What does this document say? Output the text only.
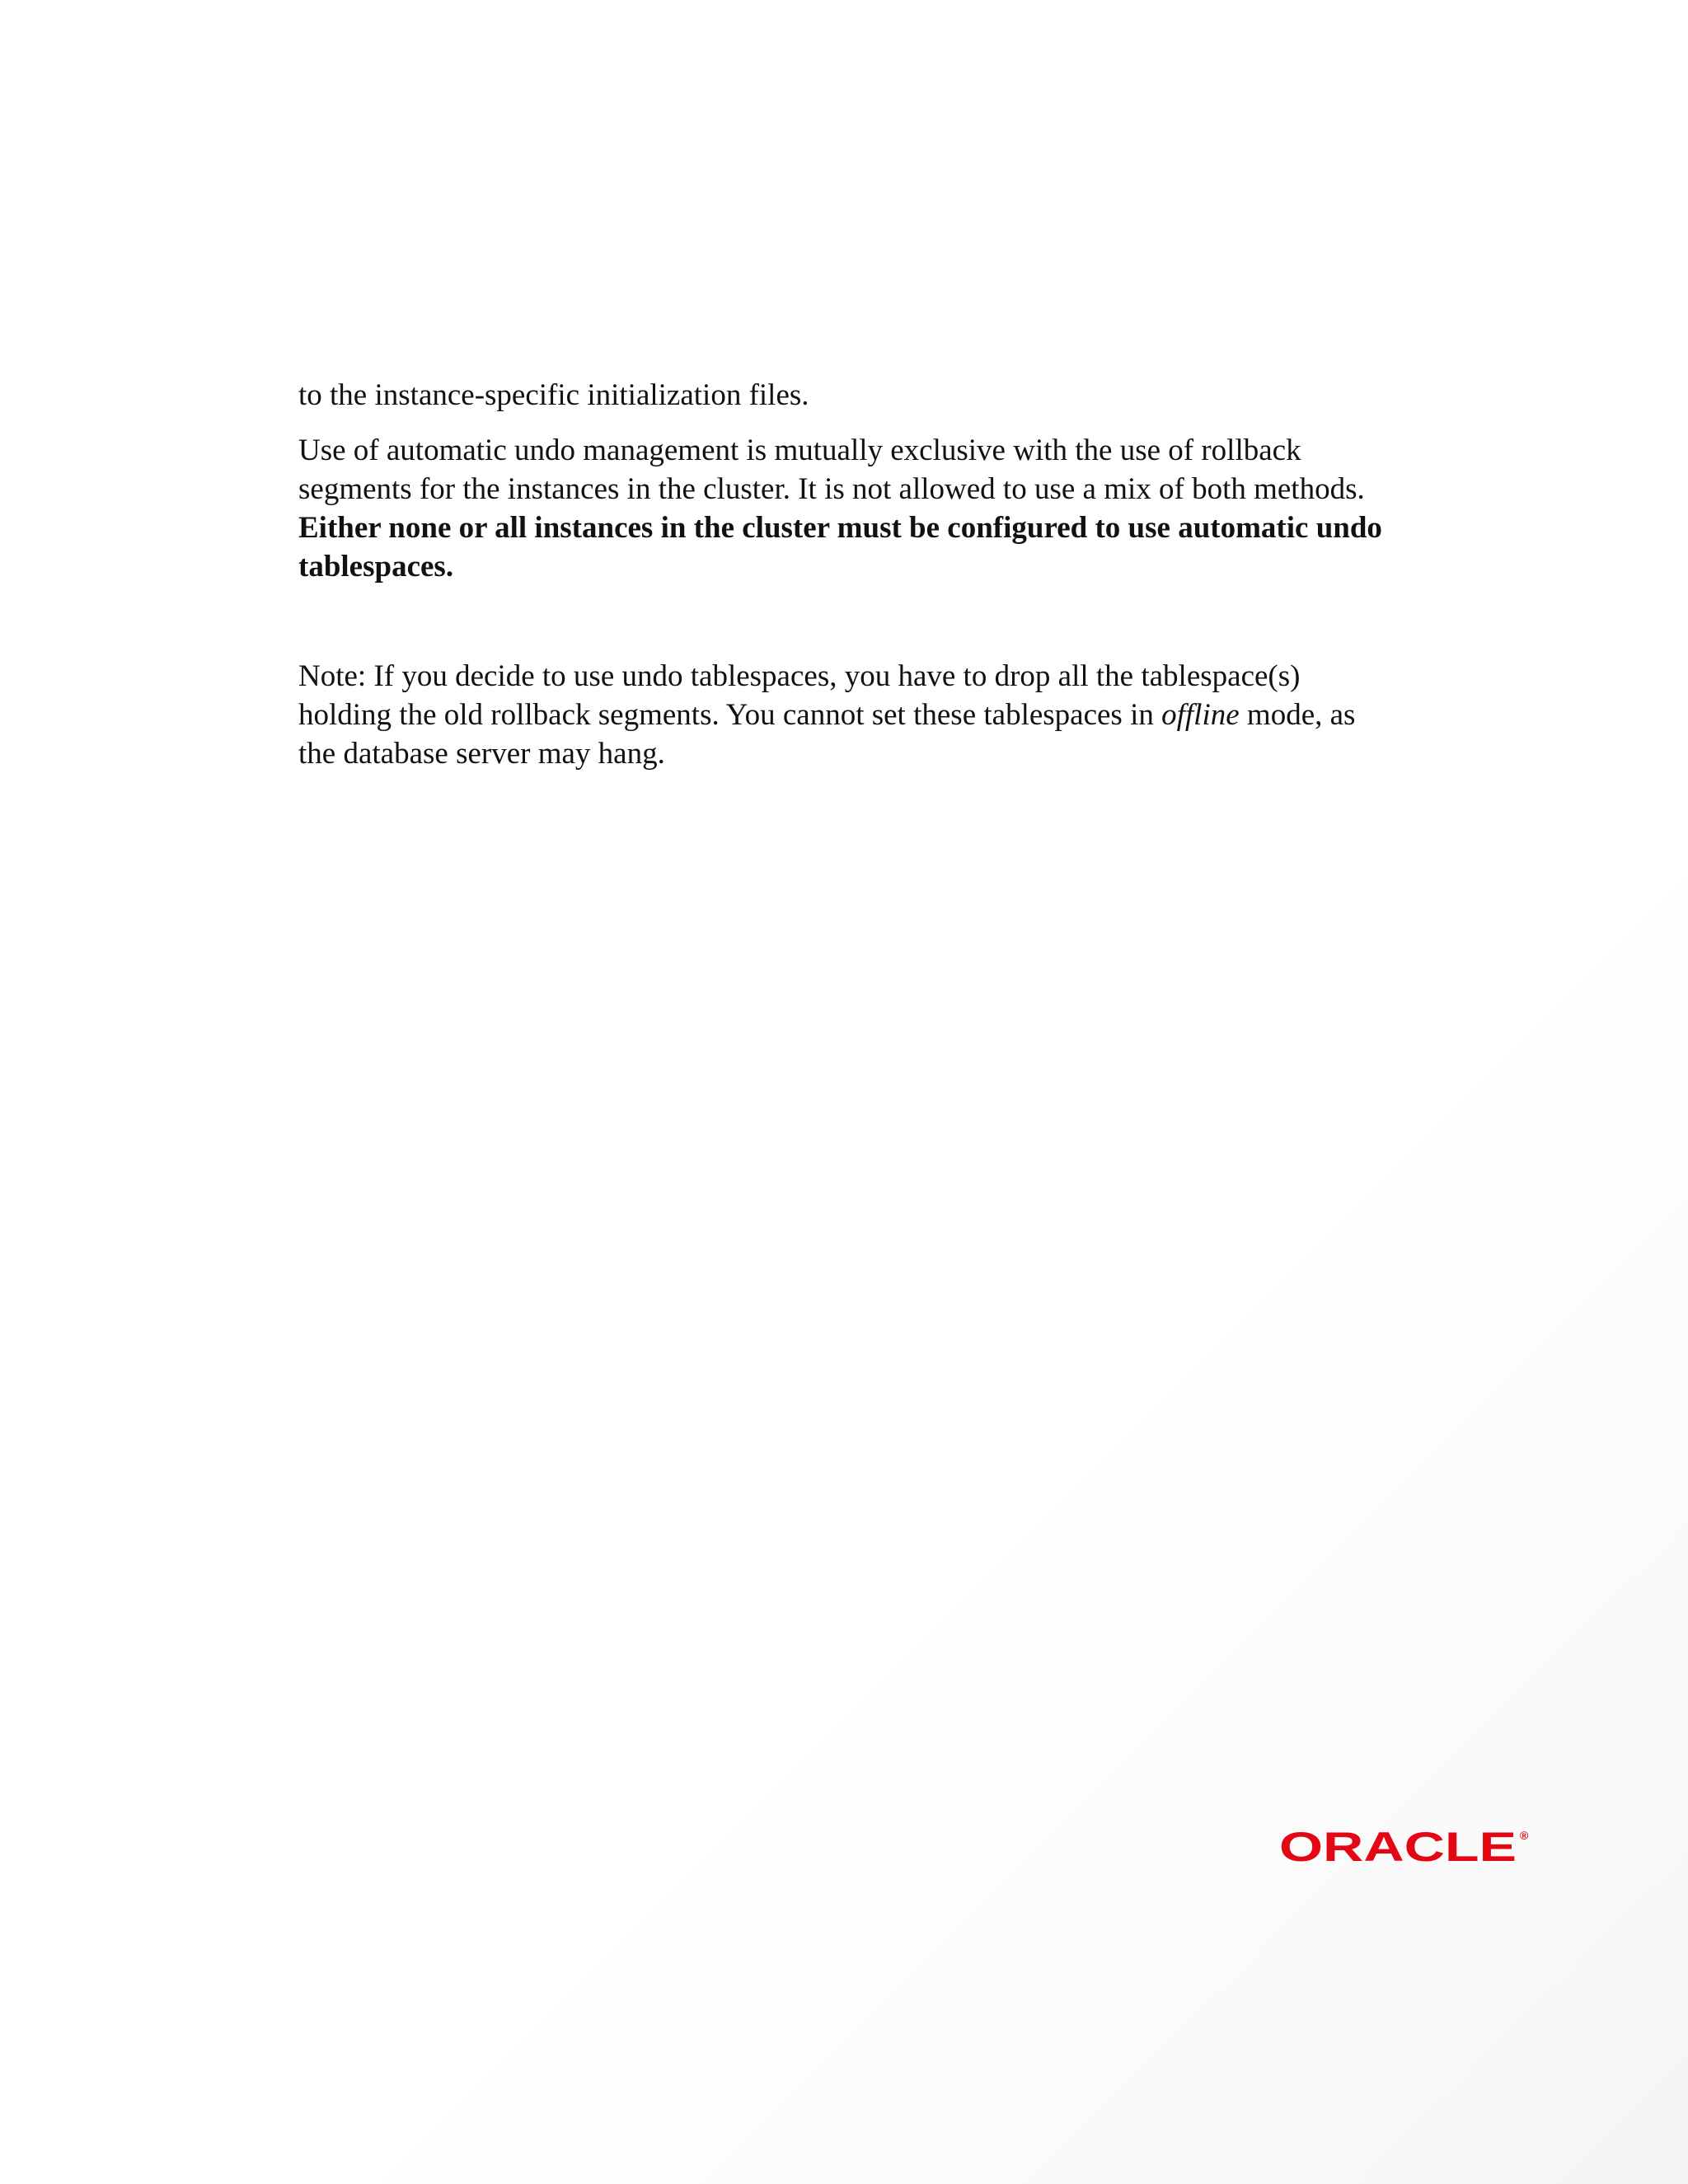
to the instance-specific initialization files.

Use of automatic undo management is mutually exclusive with the use of rollback segments for the instances in the cluster. It is not allowed to use a mix of both methods. Either none or all instances in the cluster must be configured to use automatic undo tablespaces.

Note: If you decide to use undo tablespaces, you have to drop all the tablespace(s) holding the old rollback segments. You cannot set these tablespaces in offline mode, as the database server may hang.

ORACLE ®
